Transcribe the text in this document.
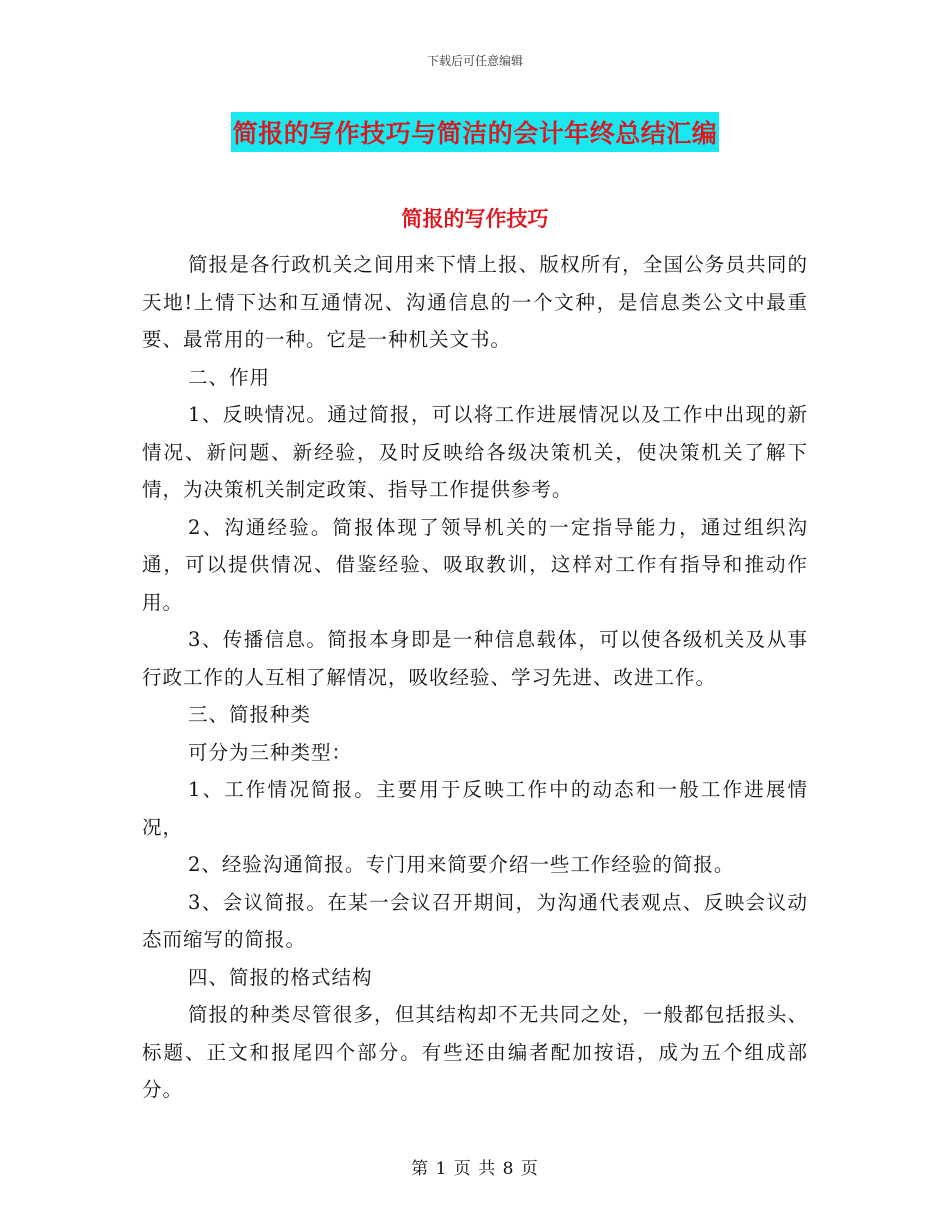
下载后可任意编辑
简报的写作技巧与简洁的会计年终总结汇编
简报的写作技巧

简报是各行政机关之间用来下情上报、版权所有，全国公务员共同的天地!上情下达和互通情况、沟通信息的一个文种，是信息类公文中最重要、最常用的一种。它是一种机关文书。

二、作用

1、反映情况。通过简报，可以将工作进展情况以及工作中出现的新情况、新问题、新经验，及时反映给各级决策机关，使决策机关了解下情，为决策机关制定政策、指导工作提供参考。

2、沟通经验。简报体现了领导机关的一定指导能力，通过组织沟通，可以提供情况、借鉴经验、吸取教训，这样对工作有指导和推动作用。

3、传播信息。简报本身即是一种信息载体，可以使各级机关及从事行政工作的人互相了解情况，吸收经验、学习先进、改进工作。

三、简报种类

可分为三种类型：

1、工作情况简报。主要用于反映工作中的动态和一般工作进展情况，

2、经验沟通简报。专门用来简要介绍一些工作经验的简报。

3、会议简报。在某一会议召开期间，为沟通代表观点、反映会议动态而缩写的简报。

四、简报的格式结构

简报的种类尽管很多，但其结构却不无共同之处，一般都包括报头、标题、正文和报尾四个部分。有些还由编者配加按语，成为五个组成部分。

第 1 页 共 8 页
